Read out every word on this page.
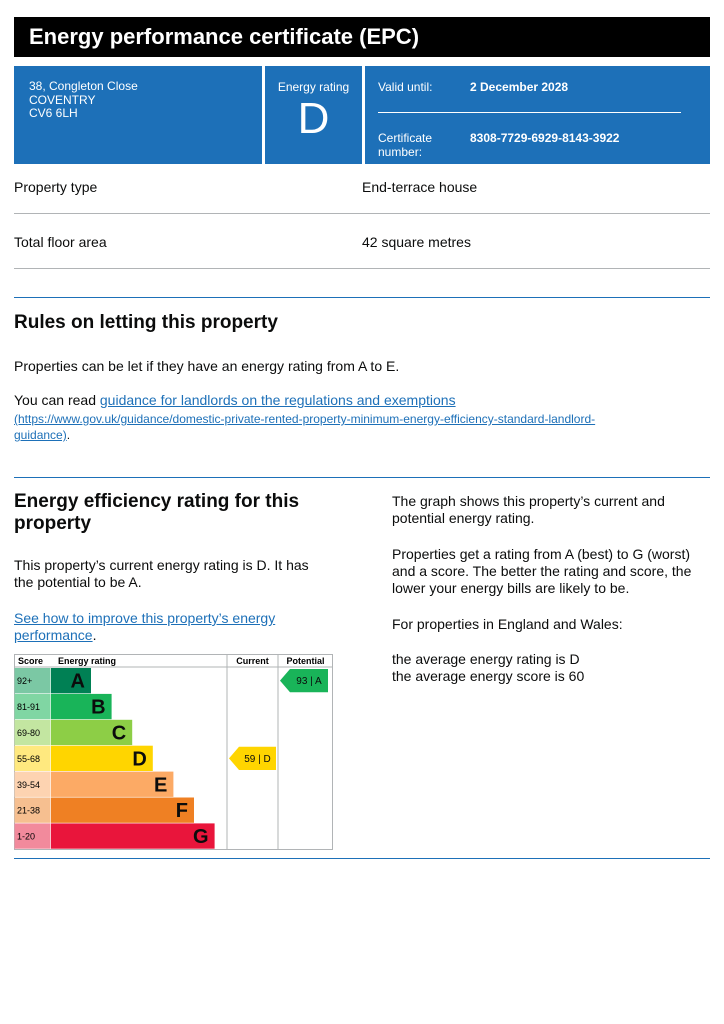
Energy performance certificate (EPC)
38, Congleton Close
COVENTRY
CV6 6LH
Energy rating
D
Valid until:	2 December 2028
Certificate number:
8308-7729-6929-8143-3922
Property type	End-terrace house
Total floor area	42 square metres
Rules on letting this property
Properties can be let if they have an energy rating from A to E.
You can read guidance for landlords on the regulations and exemptions
(https://www.gov.uk/guidance/domestic-private-rented-property-minimum-energy-efficiency-standard-landlord-
guidance).
Energy efficiency rating for this
property
This property’s current energy rating is D. It has
the potential to be A.
See how to improve this property’s energy
performance.
The graph shows this property’s current and
potential energy rating.
Properties get a rating from A (best) to G (worst)
and a score. The better the rating and score, the
lower your energy bills are likely to be.
For properties in England and Wales:
the average energy rating is D
the average energy score is 60
Score Energy rating	Current Potential
92+ A
81-91	B
69-80	C
55-68	D
39-54	E
21-38	F
1-20	G
59 | D
93 | A
